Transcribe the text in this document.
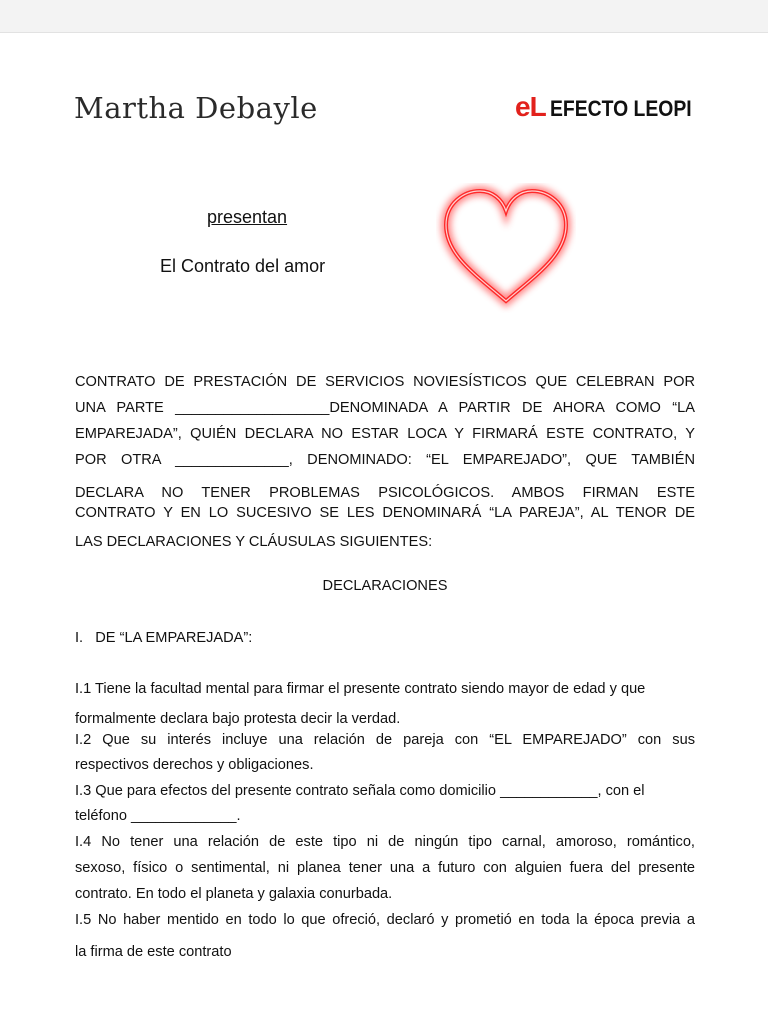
Martha Debayle	eL EFECTO LEOPI
presentan
El Contrato del amor

CONTRATO DE PRESTACIÓN DE SERVICIOS NOVIESÍSTICOS QUE CELEBRAN POR

UNA PARTE ___________________DENOMINADA A PARTIR DE AHORA COMO “LA

EMPAREJADA”, QUIÉN DECLARA NO ESTAR LOCA Y FIRMARÁ ESTE CONTRATO, Y

POR OTRA ______________, DENOMINADO: “EL EMPAREJADO”, QUE TAMBIÉN

DECLARA NO TENER PROBLEMAS PSICOLÓGICOS. AMBOS FIRMAN ESTE

CONTRATO Y EN LO SUCESIVO SE LES DENOMINARÁ “LA PAREJA”, AL TENOR DE

LAS DECLARACIONES Y CLÁUSULAS SIGUIENTES:

DECLARACIONES

I.   DE “LA EMPAREJADA”:

I.1 Tiene la facultad mental para firmar el presente contrato siendo mayor de edad y que

formalmente declara bajo protesta decir la verdad.

I.2 Que su interés incluye una relación de pareja con “EL EMPAREJADO” con sus

respectivos derechos y obligaciones.

I.3 Que para efectos del presente contrato señala como domicilio ____________, con el

teléfono _____________.

I.4 No tener una relación de este tipo ni de ningún tipo carnal, amoroso, romántico,

sexoso, físico o sentimental, ni planea tener una a futuro con alguien fuera del presente

contrato. En todo el planeta y galaxia conurbada.

I.5 No haber mentido en todo lo que ofreció, declaró y prometió en toda la época previa a

la firma de este contrato
